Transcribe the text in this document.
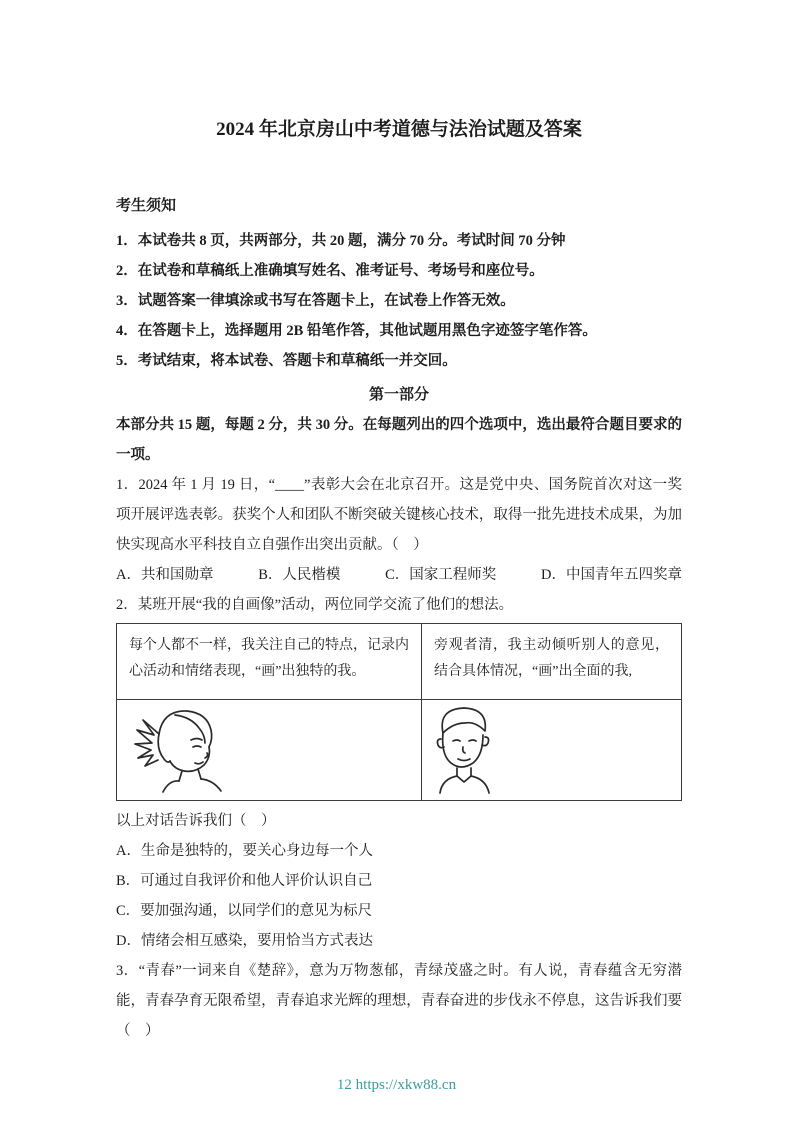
2024 年北京房山中考道德与法治试题及答案

考生须知

1．本试卷共 8 页，共两部分，共 20 题，满分 70 分。考试时间 70 分钟

2．在试卷和草稿纸上准确填写姓名、准考证号、考场号和座位号。

3．试题答案一律填涂或书写在答题卡上，在试卷上作答无效。

4．在答题卡上，选择题用 2B 铅笔作答，其他试题用黑色字迹签字笔作答。

5．考试结束，将本试卷、答题卡和草稿纸一并交回。

第一部分

本部分共 15 题，每题 2 分，共 30 分。在每题列出的四个选项中，选出最符合题目要求的一项。

1．2024 年 1 月 19 日，“____”表彰大会在北京召开。这是党中央、国务院首次对这一奖项开展评选表彰。获奖个人和团队不断突破关键核心技术，取得一批先进技术成果，为加快实现高水平科技自立自强作出突出贡献。（　）

A．共和国勋章	B．人民楷模	C．国家工程师奖	D．中国青年五四奖章

2．某班开展“我的自画像”活动，两位同学交流了他们的想法。

每个人都不一样，我关注自己的特点，记录内心活动和情绪表现，“画”出独特的我。	旁观者清，我主动倾听别人的意见，结合具体情况，“画”出全面的我,

以上对话告诉我们（　）

A．生命是独特的，要关心身边每一个人

B．可通过自我评价和他人评价认识自己

C．要加强沟通，以同学们的意见为标尺

D．情绪会相互感染，要用恰当方式表达

3．“青春”一词来自《楚辞》，意为万物葱郁，青绿茂盛之时。有人说，青春蕴含无穷潜能，青春孕育无限希望，青春追求光辉的理想，青春奋进的步伐永不停息，这告诉我们要（　）

12 https://xkw88.cn
